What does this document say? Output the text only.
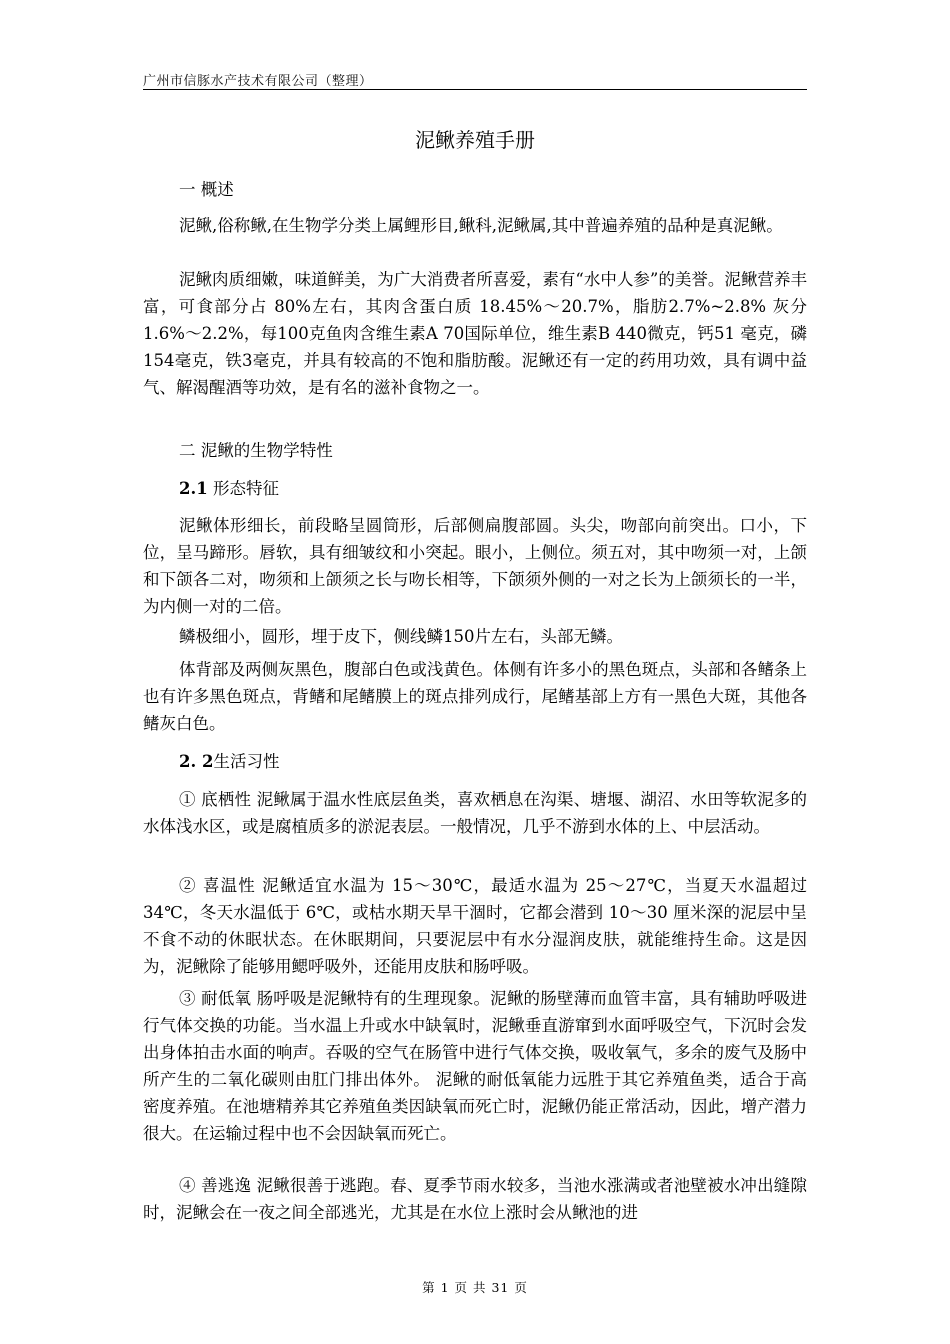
广州市信豚水产技术有限公司（整理）
泥鳅养殖手册
一 概述
泥鳅,俗称鳅,在生物学分类上属鲤形目,鳅科,泥鳅属,其中普遍养殖的品种是真泥鳅。
泥鳅肉质细嫩，味道鲜美，为广大消费者所喜爱，素有“水中人参”的美誉。泥鳅营养丰富，可食部分占 80%左右，其肉含蛋白质 18.45%～20.7%，脂肪2.7%~2.8% 灰分1.6%～2.2%，每100克鱼肉含维生素A 70国际单位，维生素B 440微克，钙51 毫克，磷154毫克，铁3毫克，并具有较高的不饱和脂肪酸。泥鳅还有一定的药用功效，具有调中益气、解渴醒酒等功效，是有名的滋补食物之一。
二 泥鳅的生物学特性
2.1 形态特征
泥鳅体形细长，前段略呈圆筒形，后部侧扁腹部圆。头尖，吻部向前突出。口小，下位，呈马蹄形。唇软，具有细皱纹和小突起。眼小，上侧位。须五对，其中吻须一对，上颌和下颌各二对，吻须和上颌须之长与吻长相等，下颌须外侧的一对之长为上颌须长的一半，为内侧一对的二倍。
鳞极细小，圆形，埋于皮下，侧线鳞150片左右，头部无鳞。
体背部及两侧灰黑色，腹部白色或浅黄色。体侧有许多小的黑色斑点，头部和各鳍条上也有许多黑色斑点，背鳍和尾鳍膜上的斑点排列成行，尾鳍基部上方有一黑色大斑，其他各鳍灰白色。
2. 2生活习性
① 底栖性 泥鳅属于温水性底层鱼类，喜欢栖息在沟渠、塘堰、湖沼、水田等软泥多的水体浅水区，或是腐植质多的淤泥表层。一般情况，几乎不游到水体的上、中层活动。
② 喜温性 泥鳅适宜水温为 15～30℃，最适水温为 25～27℃，当夏天水温超过 34℃，冬天水温低于 6℃，或枯水期天旱干涸时，它都会潜到 10～30 厘米深的泥层中呈不食不动的休眠状态。在休眠期间，只要泥层中有水分湿润皮肤，就能维持生命。这是因为，泥鳅除了能够用鳃呼吸外，还能用皮肤和肠呼吸。
③ 耐低氧 肠呼吸是泥鳅特有的生理现象。泥鳅的肠壁薄而血管丰富，具有辅助呼吸进行气体交换的功能。当水温上升或水中缺氧时，泥鳅垂直游窜到水面呼吸空气，下沉时会发出身体拍击水面的响声。吞吸的空气在肠管中进行气体交换，吸收氧气，多余的废气及肠中所产生的二氧化碳则由肛门排出体外。 泥鳅的耐低氧能力远胜于其它养殖鱼类，适合于高密度养殖。在池塘精养其它养殖鱼类因缺氧而死亡时，泥鳅仍能正常活动，因此，增产潜力很大。在运输过程中也不会因缺氧而死亡。
④ 善逃逸 泥鳅很善于逃跑。春、夏季节雨水较多，当池水涨满或者池壁被水冲出缝隙时，泥鳅会在一夜之间全部逃光，尤其是在水位上涨时会从鳅池的进
第 1 页 共 31 页
